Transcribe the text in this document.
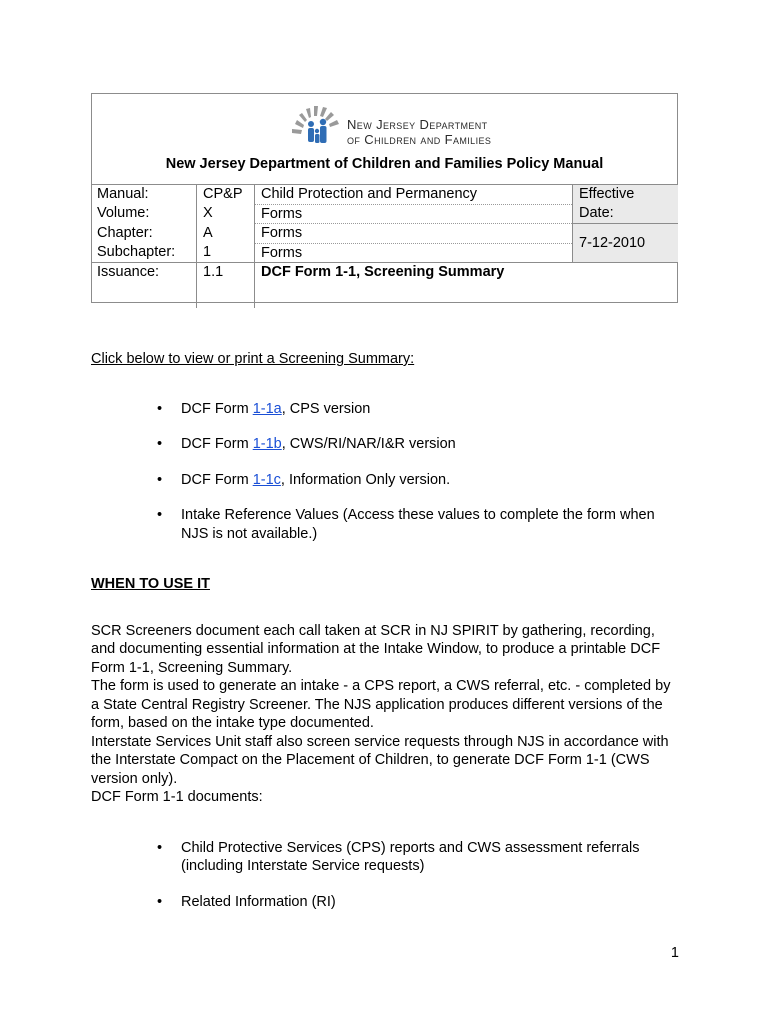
New Jersey Department
of Children and Families
New Jersey Department of Children and Families Policy Manual
Manual:	CP&P	Child Protection and Permanency	Effective Date:
Volume:	X	Forms	
Chapter:	A	Forms	7-12-2010
Subchapter:	1	Forms	
Issuance:	1.1	DCF Form 1-1, Screening Summary	

Click below to view or print a Screening Summary:

• DCF Form 1-1a, CPS version
• DCF Form 1-1b, CWS/RI/NAR/I&R version
• DCF Form 1-1c, Information Only version.
• Intake Reference Values (Access these values to complete the form when NJS is not available.)

WHEN TO USE IT

SCR Screeners document each call taken at SCR in NJ SPIRIT by gathering, recording, and documenting essential information at the Intake Window, to produce a printable DCF Form 1-1, Screening Summary.

The form is used to generate an intake - a CPS report, a CWS referral, etc. - completed by a State Central Registry Screener. The NJS application produces different versions of the form, based on the intake type documented.

Interstate Services Unit staff also screen service requests through NJS in accordance with the Interstate Compact on the Placement of Children, to generate DCF Form 1-1 (CWS version only).

DCF Form 1-1 documents:

• Child Protective Services (CPS) reports and CWS assessment referrals (including Interstate Service requests)
• Related Information (RI)
1
